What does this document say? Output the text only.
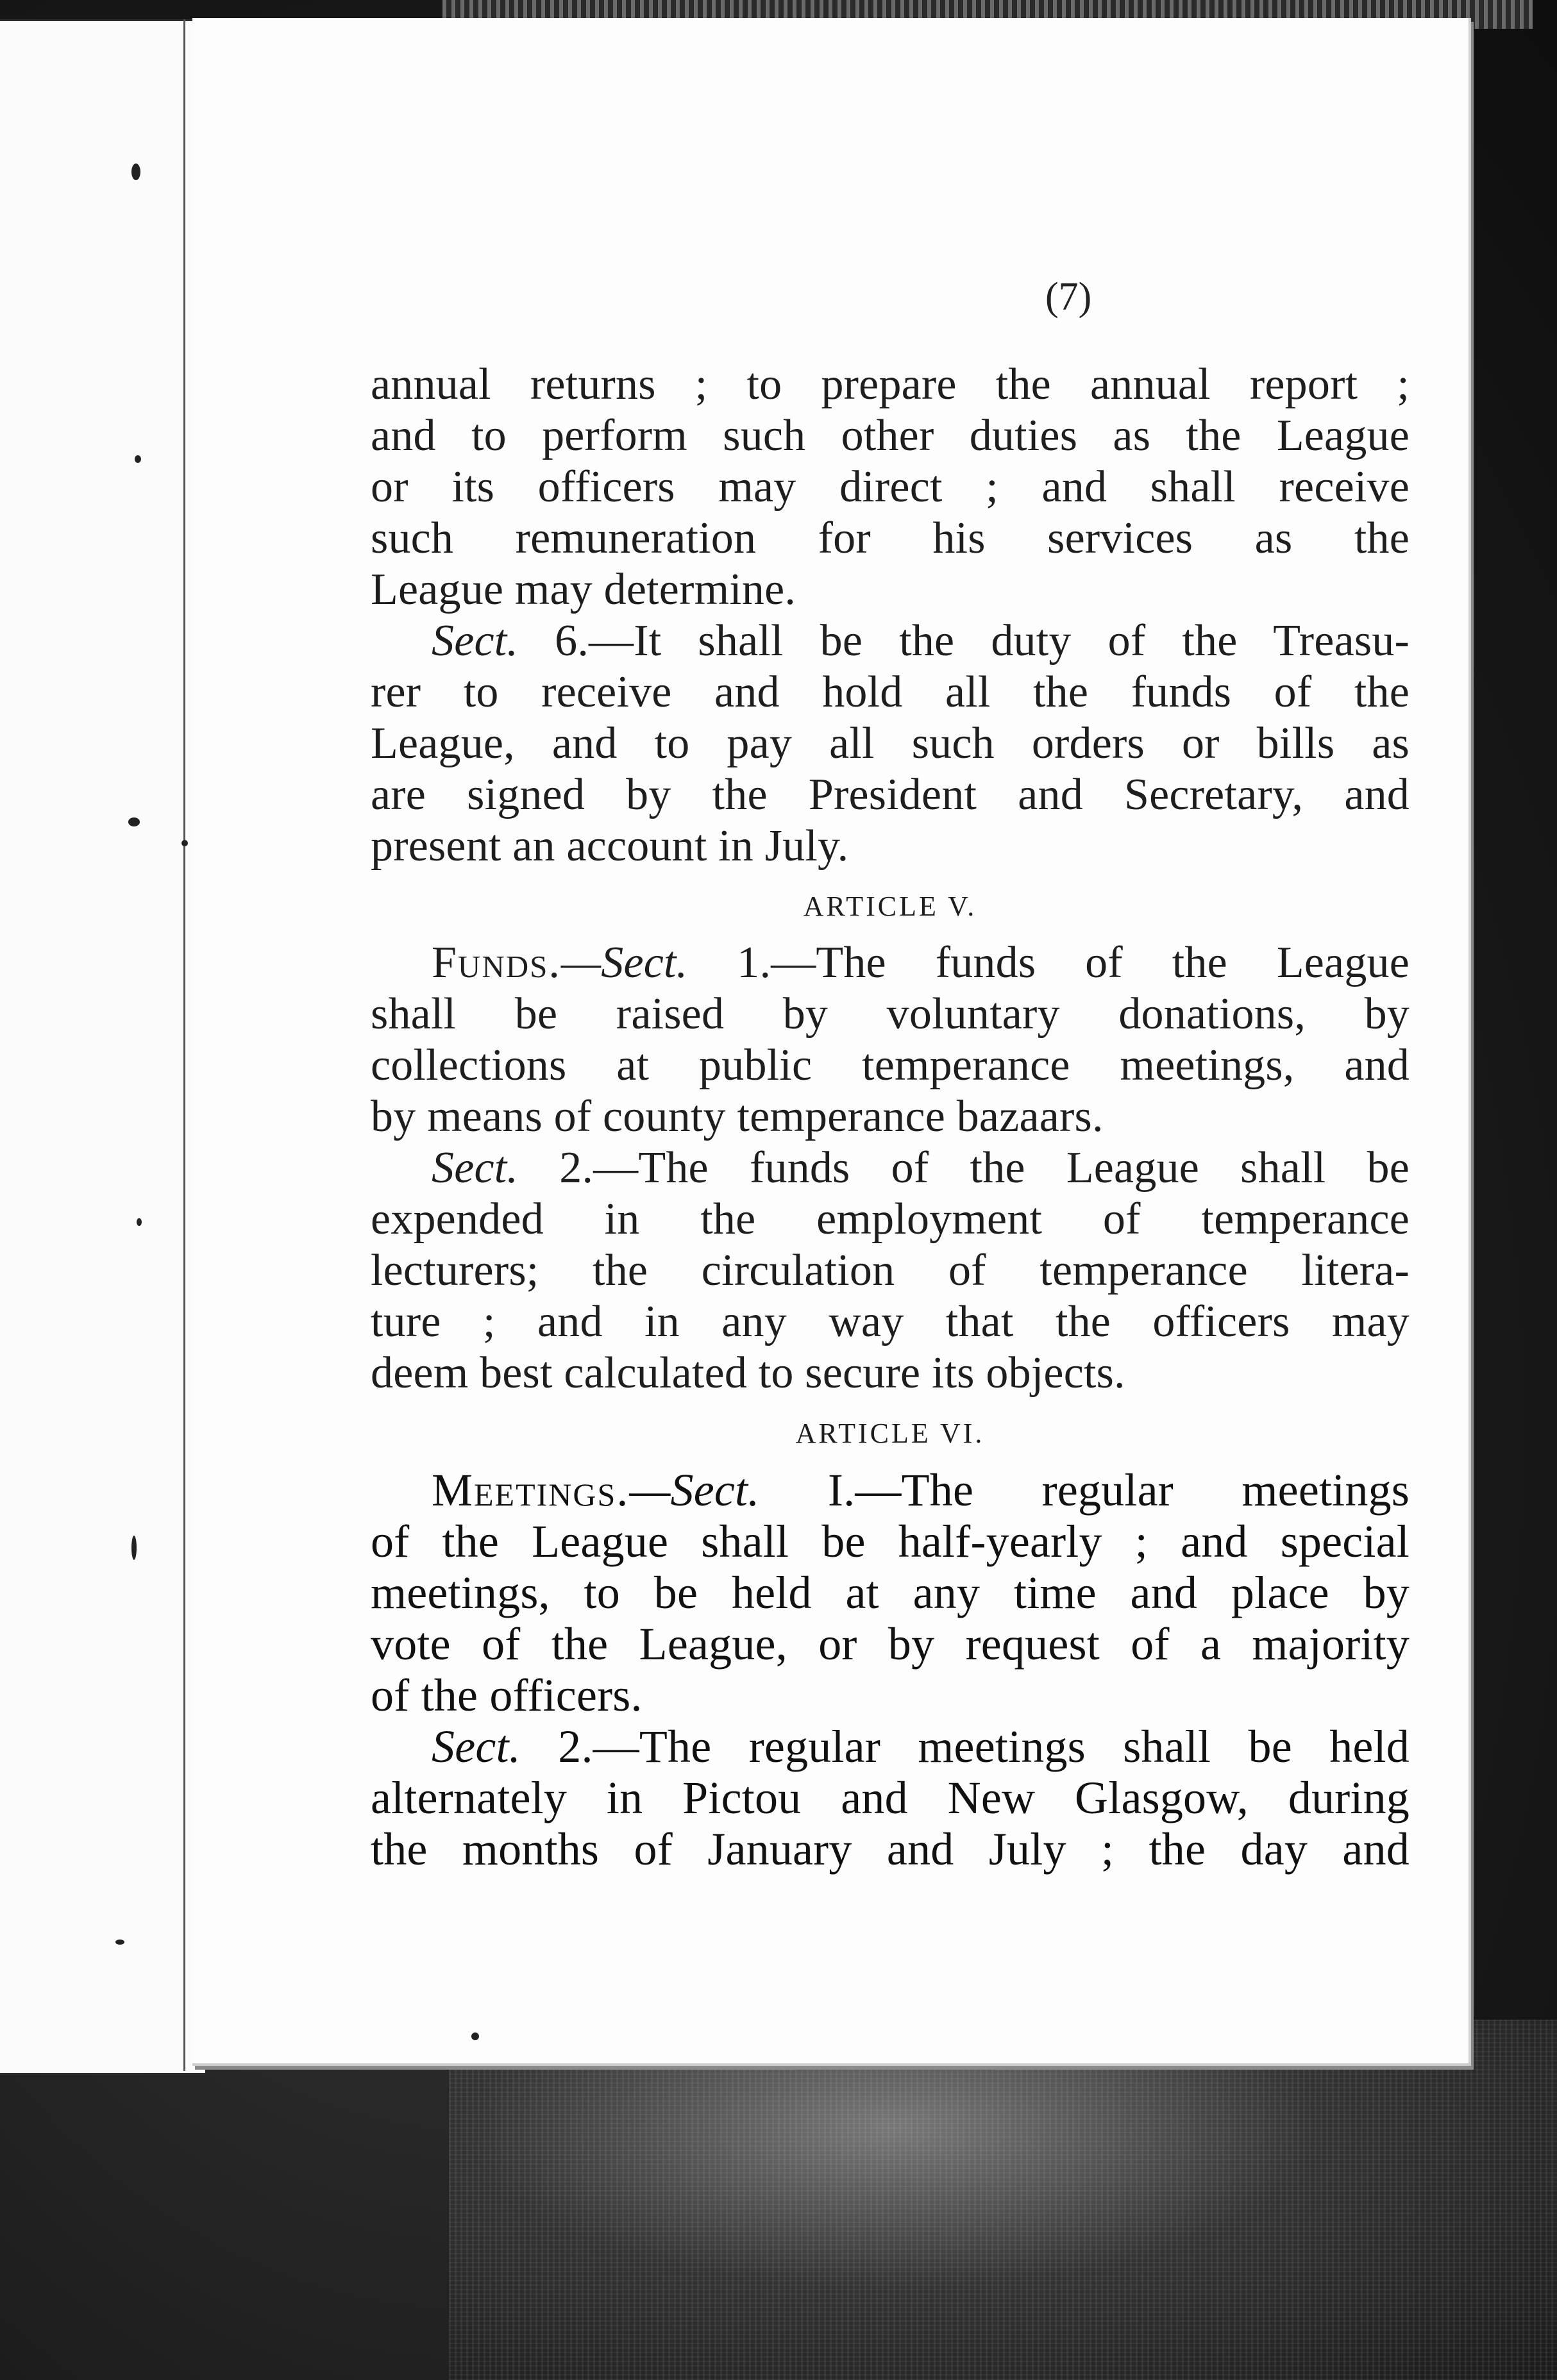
(7)
annual returns ; to prepare the annual report ;
and to perform such other duties as the League
or its officers may direct ; and shall receive
such remuneration for his services as the
League may determine.
Sect. 6.—It shall be the duty of the Treasu-
rer to receive and hold all the funds of the
League, and to pay all such orders or bills as
are signed by the President and Secretary, and
present an account in July.
ARTICLE V.
Funds.—Sect. 1.—The funds of the League
shall be raised by voluntary donations, by
collections at public temperance meetings, and
by means of county temperance bazaars.
Sect. 2.—The funds of the League shall be
expended in the employment of temperance
lecturers; the circulation of temperance litera-
ture ; and in any way that the officers may
deem best calculated to secure its objects.
ARTICLE VI.
Meetings.—Sect. I.—The regular meetings
of the League shall be half-yearly ; and special
meetings, to be held at any time and place by
vote of the League, or by request of a majority
of the officers.
Sect. 2.—The regular meetings shall be held
alternately in Pictou and New Glasgow, during
the months of January and July ; the day and
